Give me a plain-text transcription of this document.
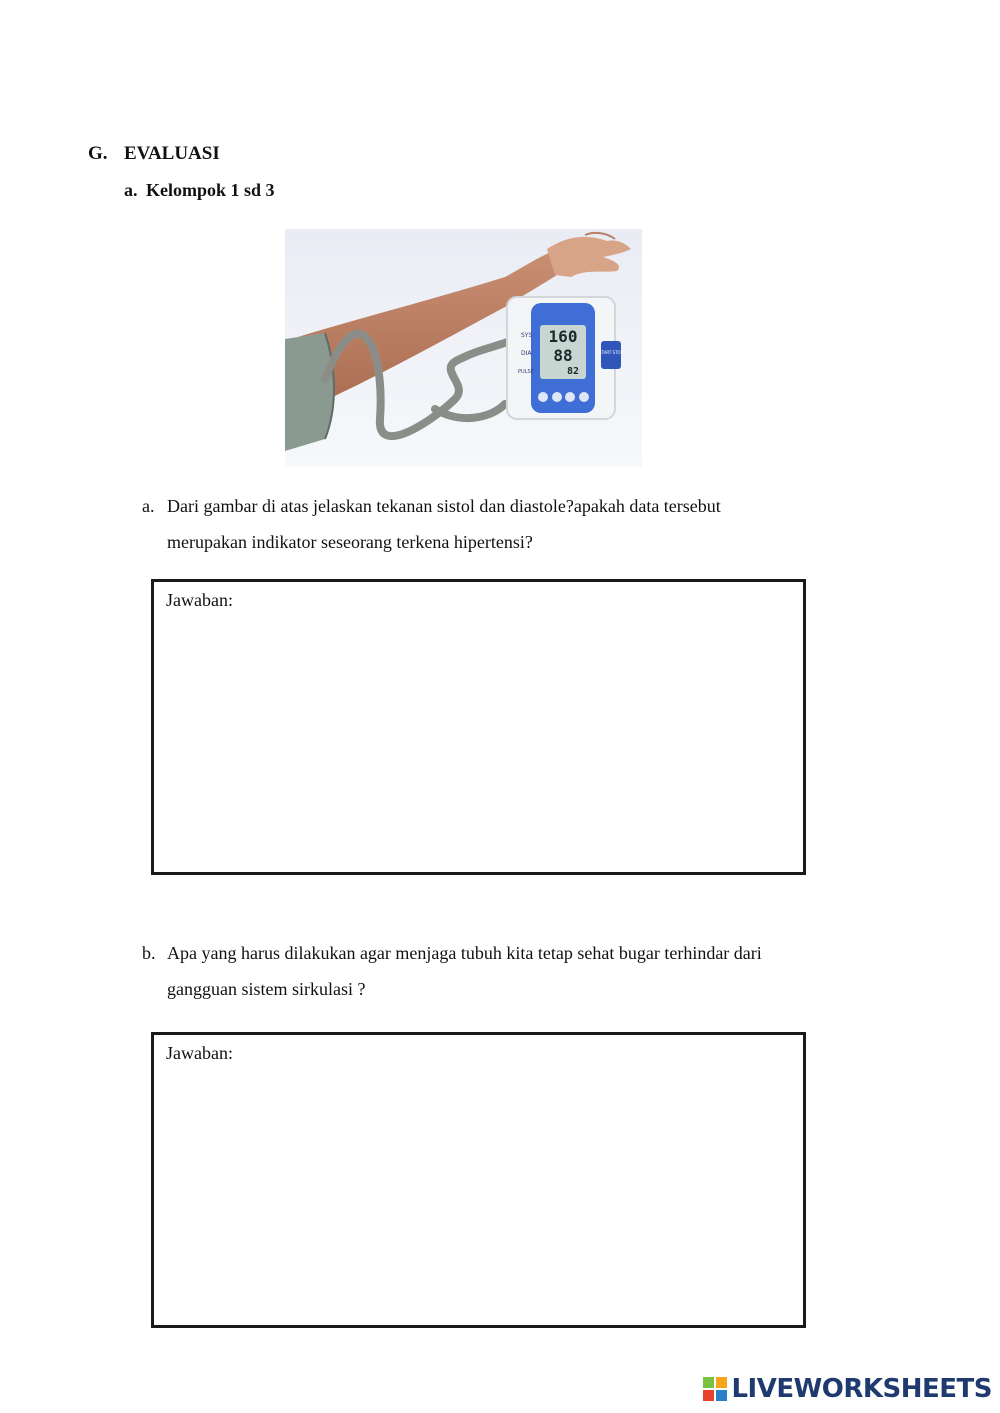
G. EVALUASI
a. Kelompok 1 sd 3
160
88
82
SYS
DIA
PULSE
START STOP
a. Dari gambar di atas jelaskan tekanan sistol dan diastole?apakah data tersebut
merupakan indikator seseorang terkena hipertensi?
Jawaban:
b. Apa yang harus dilakukan agar menjaga tubuh kita tetap sehat bugar terhindar dari
gangguan sistem sirkulasi ?
Jawaban:
LIVEWORKSHEETS
